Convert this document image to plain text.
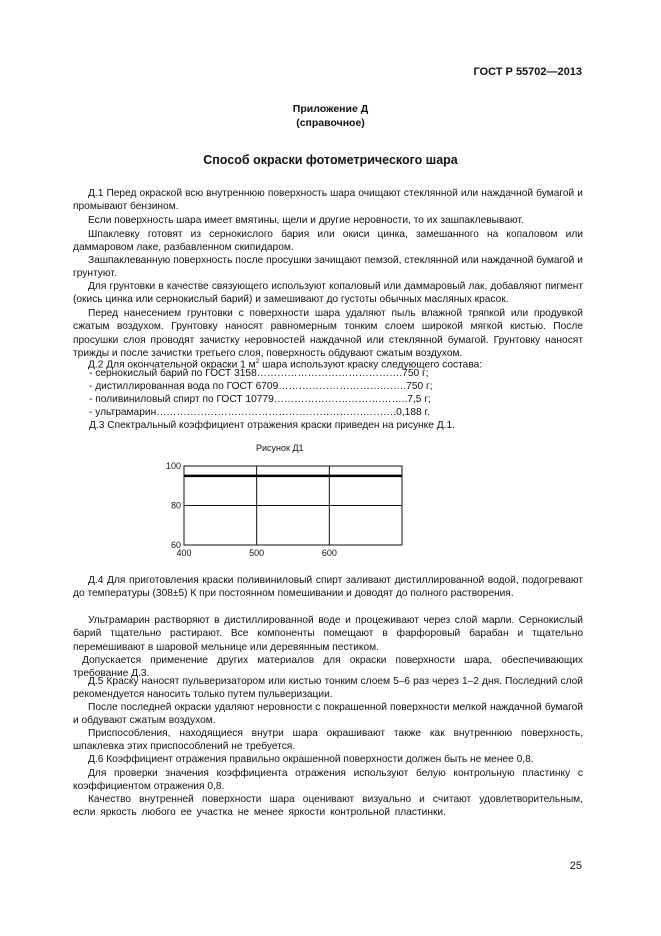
ГОСТ Р 55702—2013
Приложение Д
(справочное)
Способ окраски фотометрического шара
Д.1 Перед окраской всю внутреннюю поверхность шара очищают стеклянной или наждачной бумагой и промывают бензином.
Если поверхность шара имеет вмятины, щели и другие неровности, то их зашпаклевывают.
Шпаклевку готовят из сернокислого бария или окиси цинка, замешанного на копаловом или даммаровом лаке, разбавленном скипидаром.
Зашпаклеванную поверхность после просушки зачищают пемзой, стеклянной или наждачной бумагой и грунтуют.
Для грунтовки в качестве связующего используют копаловый или даммаровый лак, добавляют пигмент (окись цинка или сернокислый барий) и замешивают до густоты обычных масляных красок.
Перед нанесением грунтовки с поверхности шара удаляют пыль влажной тряпкой или продувкой сжатым воздухом. Грунтовку наносят равномерным тонким слоем широкой мягкой кистью. После просушки слоя проводят зачистку неровностей наждачной или стеклянной бумагой. Грунтовку наносят трижды и после зачистки третьего слоя, поверхность обдувают сжатым воздухом.
Д.2 Для окончательной окраски 1 $м^2$ шара используют краску следующего состава:
- сернокислый барий по ГОСТ 3158…………………………………….750 г;
- дистиллированная вода по ГОСТ 6709………………………….…….750 г;
- поливиниловый спирт по ГОСТ 10779………………….……….……..7,5 г;
- ультрамарин…………………………………………………….……….0,188 г.
Д.3 Спектральный коэффициент отражения краски приведен на рисунке Д.1.
Рисунок Д1
100
80
60
400	500	600
Д.4 Для приготовления краски поливиниловый спирт заливают дистиллированной водой, подогревают до температуры (308±5) К при постоянном помешивании и доводят до полного растворения.
Ультрамарин растворяют в дистиллированной воде и процеживают через слой марли. Сернокислый барий тщательно растирают. Все компоненты помещают в фарфоровый барабан и тщательно перемешивают в шаровой мельнице или деревянным пестиком.
Допускается применение других материалов для окраски поверхности шара, обеспечивающих требование Д.3.
Д.5 Краску наносят пульверизатором или кистью тонким слоем 5–6 раз через 1–2 дня. Последний слой рекомендуется наносить только путем пульверизации.
После последней окраски удаляют неровности с покрашенной поверхности мелкой наждачной бумагой и обдувают сжатым воздухом.
Приспособления, находящиеся внутри шара окрашивают также как внутреннюю поверхность, шпаклевка этих приспособлений не требуется.
Д.6 Коэффициент отражения правильно окрашенной поверхности должен быть не менее 0,8.
Для проверки значения коэффициента отражения используют белую контрольную пластинку с коэффициентом отражения 0,8.
Качество внутренней поверхности шара оценивают визуально и считают удовлетворительным, если яркость любого ее участка не менее яркости контрольной пластинки.
25
